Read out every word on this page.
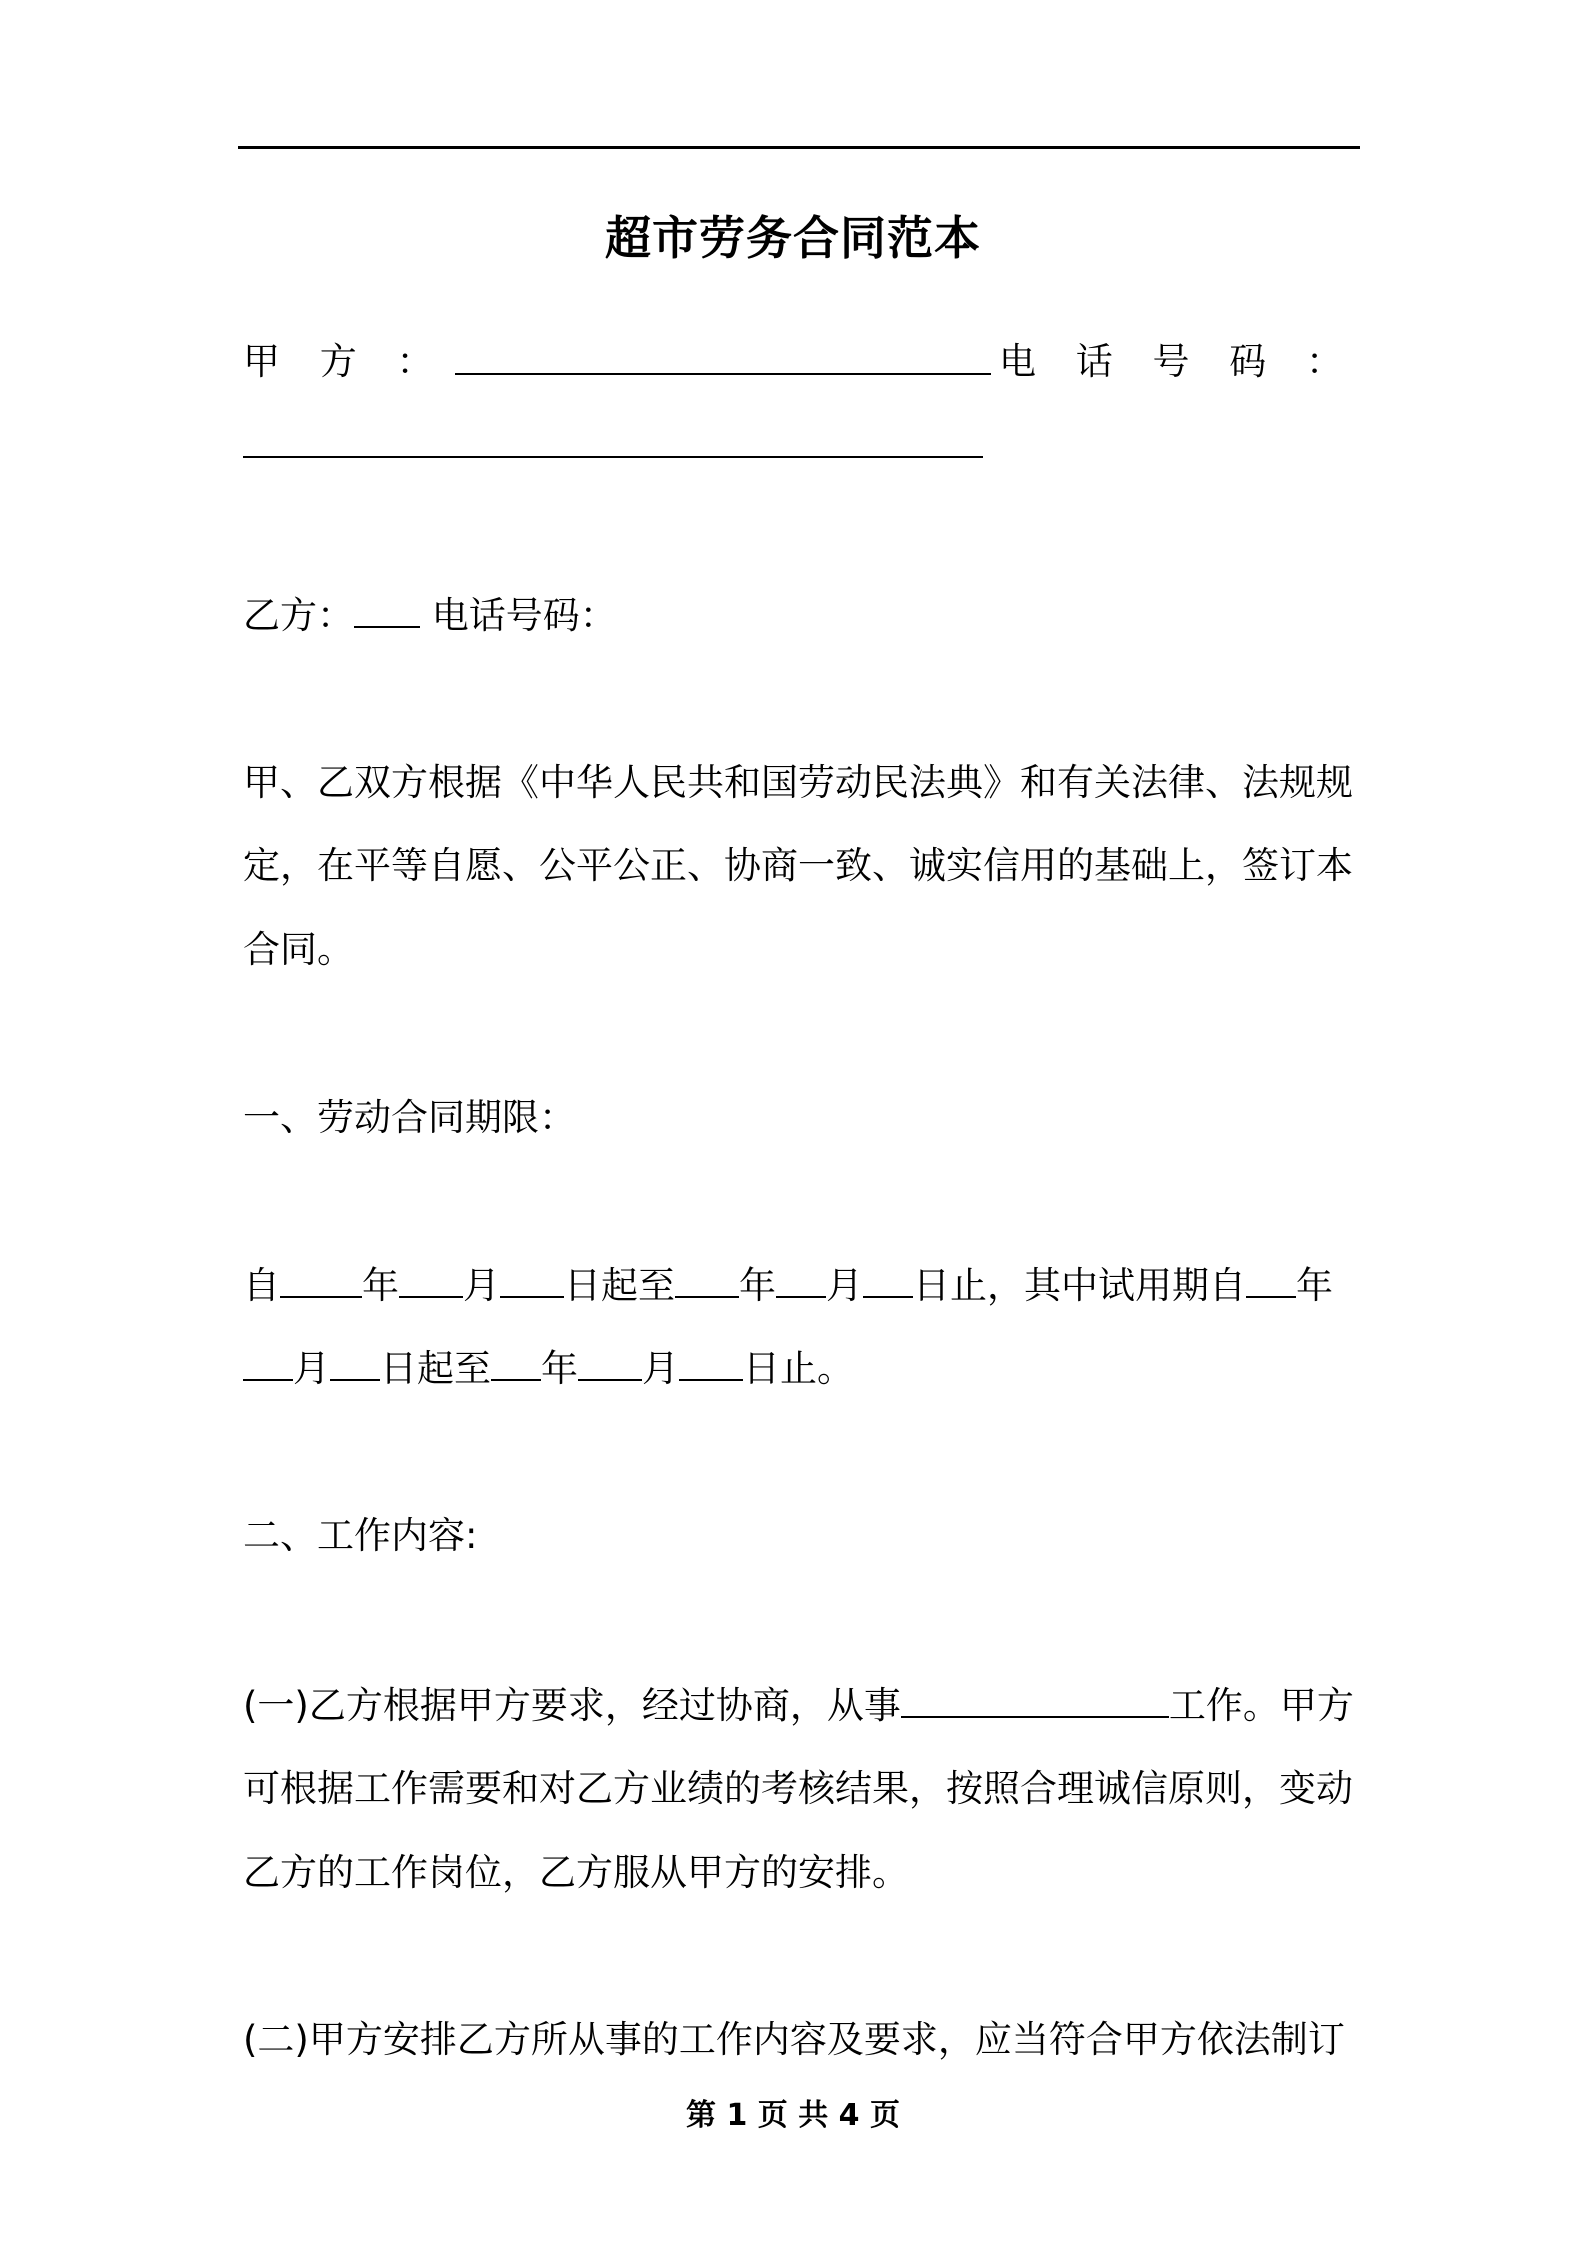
超市劳务合同范本
甲 方 ：	电 话 号 码 ：
乙方： 电话号码：
甲、乙双方根据《中华人民共和国劳动民法典》和有关法律、法规规
定，在平等自愿、公平公正、协商一致、诚实信用的基础上，签订本
合同。
一、劳动合同期限：
自 年 月 日起至 年 月 日止，其中试用期自 年
月 日起至 年 月 日止。
二、工作内容:
(一)乙方根据甲方要求，经过协商，从事	工作。甲方
可根据工作需要和对乙方业绩的考核结果，按照合理诚信原则，变动
乙方的工作岗位，乙方服从甲方的安排。
(二)甲方安排乙方所从事的工作内容及要求，应当符合甲方依法制订
第 1 页 共 4 页
